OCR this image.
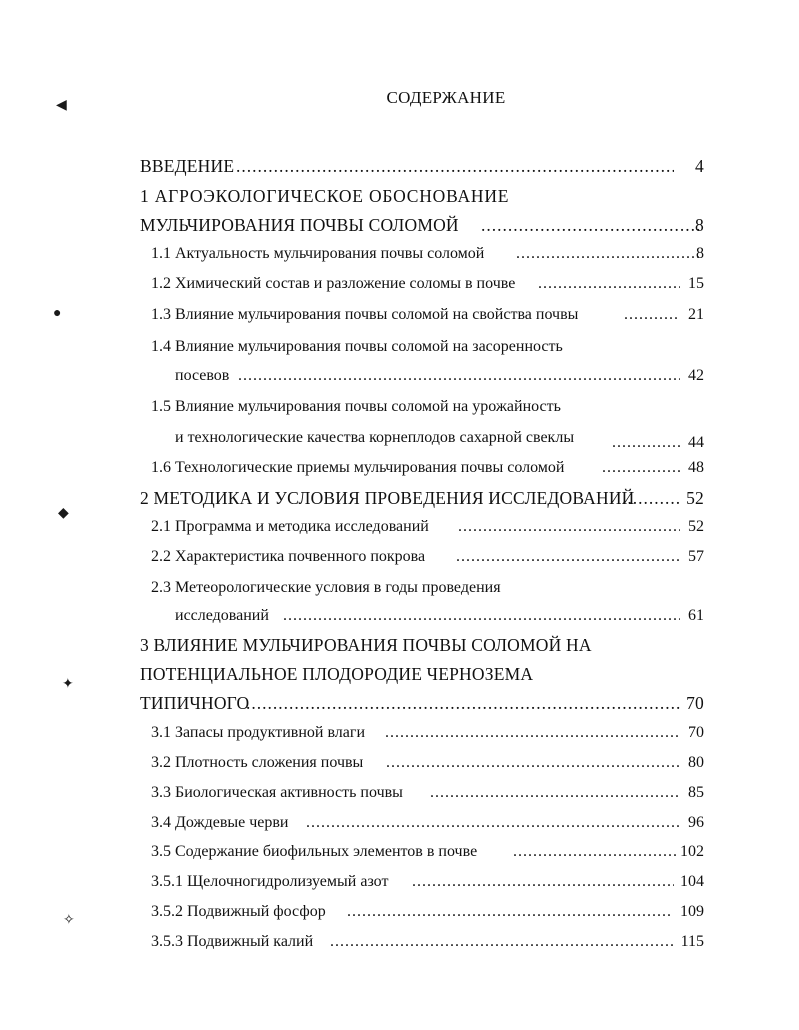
СОДЕРЖАНИЕ
◀
●
◆
✦
✧
ВВЕДЕНИЕ .....	4
1 АГРОЭКОЛОГИЧЕСКОЕ ОБОСНОВАНИЕ
МУЛЬЧИРОВАНИЯ ПОЧВЫ СОЛОМОЙ .....	8
1.1 Актуальность мульчирования почвы соломой .....	8
1.2 Химический состав и разложение соломы в почве .....	15
1.3 Влияние мульчирования почвы соломой на свойства почвы .....	21
1.4 Влияние мульчирования почвы соломой на засоренность
посевов .....	42
1.5 Влияние мульчирования почвы соломой на урожайность
и технологические качества корнеплодов сахарной свеклы .....	44
1.6 Технологические приемы мульчирования почвы соломой .....	48
2 МЕТОДИКА И УСЛОВИЯ ПРОВЕДЕНИЯ ИССЛЕДОВАНИЙ .....	52
2.1 Программа и методика исследований .....	52
2.2 Характеристика почвенного покрова .....	57
2.3 Метеорологические условия в годы проведения
исследований .....	61
3 ВЛИЯНИЕ МУЛЬЧИРОВАНИЯ ПОЧВЫ СОЛОМОЙ НА
ПОТЕНЦИАЛЬНОЕ ПЛОДОРОДИЕ ЧЕРНОЗЕМА
ТИПИЧНОГО .....	70
3.1 Запасы продуктивной влаги .....	70
3.2 Плотность сложения почвы .....	80
3.3 Биологическая активность почвы .....	85
3.4 Дождевые черви .....	96
3.5 Содержание биофильных элементов в почве .....	102
3.5.1 Щелочногидролизуемый азот .....	104
3.5.2 Подвижный фосфор .....	109
3.5.3 Подвижный калий .....	115
